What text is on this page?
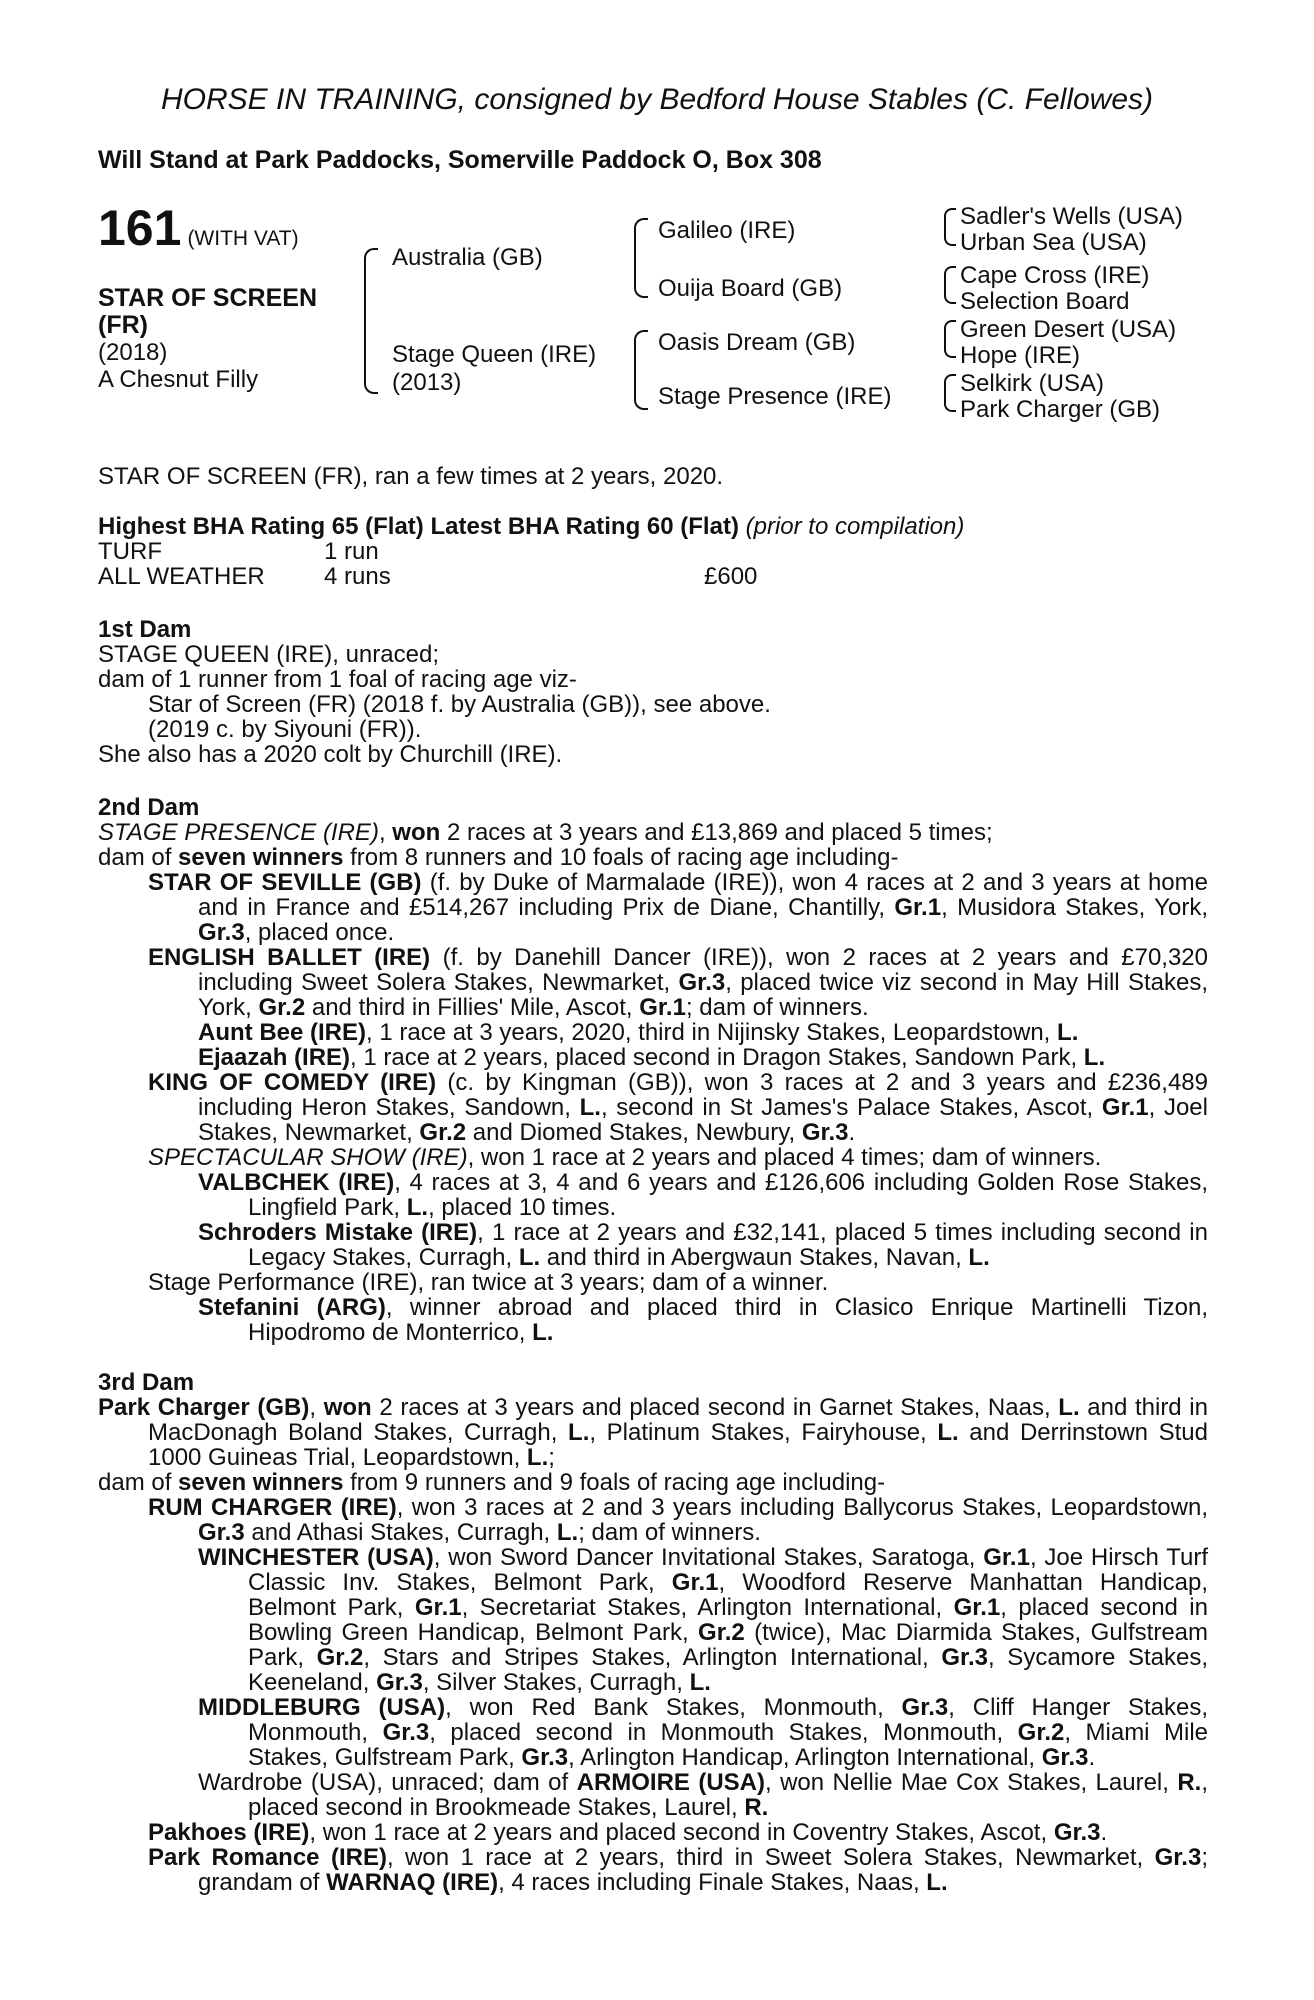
HORSE IN TRAINING, consigned by Bedford House Stables (C. Fellowes)
Will Stand at Park Paddocks, Somerville Paddock O, Box 308
161 (WITH VAT)
STAR OF SCREEN (FR)
(2018)
A Chesnut Filly
Australia (GB)
Stage Queen (IRE)
(2013)
Galileo (IRE)
Ouija Board (GB)
Oasis Dream (GB)
Stage Presence (IRE)
Sadler's Wells (USA)
Urban Sea (USA)
Cape Cross (IRE)
Selection Board
Green Desert (USA)
Hope (IRE)
Selkirk (USA)
Park Charger (GB)
STAR OF SCREEN (FR), ran a few times at 2 years, 2020.
Highest BHA Rating 65 (Flat) Latest BHA Rating 60 (Flat) (prior to compilation)
TURF	1 run
ALL WEATHER 4 runs	£600
1st Dam
STAGE QUEEN (IRE), unraced;
dam of 1 runner from 1 foal of racing age viz-
Star of Screen (FR) (2018 f. by Australia (GB)), see above.
(2019 c. by Siyouni (FR)).
She also has a 2020 colt by Churchill (IRE).
2nd Dam
STAGE PRESENCE (IRE), won 2 races at 3 years and £13,869 and placed 5 times;
dam of seven winners from 8 runners and 10 foals of racing age including-
STAR OF SEVILLE (GB) (f. by Duke of Marmalade (IRE)), won 4 races at 2 and 3 years at home and in France and £514,267 including Prix de Diane, Chantilly, Gr.1, Musidora Stakes, York, Gr.3, placed once.
ENGLISH BALLET (IRE) (f. by Danehill Dancer (IRE)), won 2 races at 2 years and £70,320 including Sweet Solera Stakes, Newmarket, Gr.3, placed twice viz second in May Hill Stakes, York, Gr.2 and third in Fillies' Mile, Ascot, Gr.1; dam of winners.
Aunt Bee (IRE), 1 race at 3 years, 2020, third in Nijinsky Stakes, Leopardstown, L.
Ejaazah (IRE), 1 race at 2 years, placed second in Dragon Stakes, Sandown Park, L.
KING OF COMEDY (IRE) (c. by Kingman (GB)), won 3 races at 2 and 3 years and £236,489 including Heron Stakes, Sandown, L., second in St James's Palace Stakes, Ascot, Gr.1, Joel Stakes, Newmarket, Gr.2 and Diomed Stakes, Newbury, Gr.3.
SPECTACULAR SHOW (IRE), won 1 race at 2 years and placed 4 times; dam of winners.
VALBCHEK (IRE), 4 races at 3, 4 and 6 years and £126,606 including Golden Rose Stakes, Lingfield Park, L., placed 10 times.
Schroders Mistake (IRE), 1 race at 2 years and £32,141, placed 5 times including second in Legacy Stakes, Curragh, L. and third in Abergwaun Stakes, Navan, L.
Stage Performance (IRE), ran twice at 3 years; dam of a winner.
Stefanini (ARG), winner abroad and placed third in Clasico Enrique Martinelli Tizon, Hipodromo de Monterrico, L.
3rd Dam
Park Charger (GB), won 2 races at 3 years and placed second in Garnet Stakes, Naas, L. and third in MacDonagh Boland Stakes, Curragh, L., Platinum Stakes, Fairyhouse, L. and Derrinstown Stud 1000 Guineas Trial, Leopardstown, L.;
dam of seven winners from 9 runners and 9 foals of racing age including-
RUM CHARGER (IRE), won 3 races at 2 and 3 years including Ballycorus Stakes, Leopardstown, Gr.3 and Athasi Stakes, Curragh, L.; dam of winners.
WINCHESTER (USA), won Sword Dancer Invitational Stakes, Saratoga, Gr.1, Joe Hirsch Turf Classic Inv. Stakes, Belmont Park, Gr.1, Woodford Reserve Manhattan Handicap, Belmont Park, Gr.1, Secretariat Stakes, Arlington International, Gr.1, placed second in Bowling Green Handicap, Belmont Park, Gr.2 (twice), Mac Diarmida Stakes, Gulfstream Park, Gr.2, Stars and Stripes Stakes, Arlington International, Gr.3, Sycamore Stakes, Keeneland, Gr.3, Silver Stakes, Curragh, L.
MIDDLEBURG (USA), won Red Bank Stakes, Monmouth, Gr.3, Cliff Hanger Stakes, Monmouth, Gr.3, placed second in Monmouth Stakes, Monmouth, Gr.2, Miami Mile Stakes, Gulfstream Park, Gr.3, Arlington Handicap, Arlington International, Gr.3.
Wardrobe (USA), unraced; dam of ARMOIRE (USA), won Nellie Mae Cox Stakes, Laurel, R., placed second in Brookmeade Stakes, Laurel, R.
Pakhoes (IRE), won 1 race at 2 years and placed second in Coventry Stakes, Ascot, Gr.3.
Park Romance (IRE), won 1 race at 2 years, third in Sweet Solera Stakes, Newmarket, Gr.3; grandam of WARNAQ (IRE), 4 races including Finale Stakes, Naas, L.
